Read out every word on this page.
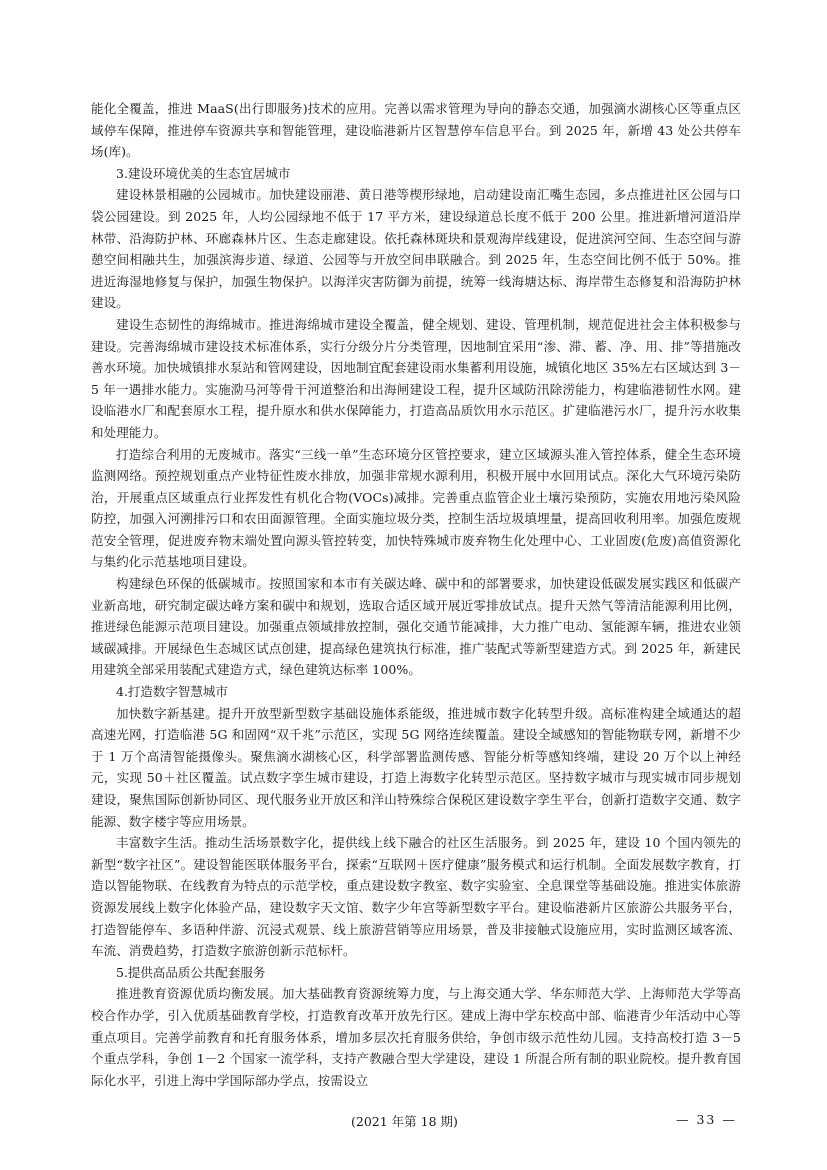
能化全覆盖，推进 MaaS(出行即服务)技术的应用。完善以需求管理为导向的静态交通，加强滴水湖核心区等重点区域停车保障，推进停车资源共享和智能管理，建设临港新片区智慧停车信息平台。到 2025 年，新增 43 处公共停车场(库)。

3.建设环境优美的生态宜居城市

建设林景相融的公园城市。加快建设丽港、黄日港等楔形绿地，启动建设南汇嘴生态园，多点推进社区公园与口袋公园建设。到 2025 年，人均公园绿地不低于 17 平方米，建设绿道总长度不低于 200 公里。推进新增河道沿岸林带、沿海防护林、环廊森林片区、生态走廊建设。依托森林斑块和景观海岸线建设，促进滨河空间、生态空间与游憩空间相融共生，加强滨海步道、绿道、公园等与开放空间串联融合。到 2025 年，生态空间比例不低于 50%。推进近海湿地修复与保护，加强生物保护。以海洋灾害防御为前提，统筹一线海塘达标、海岸带生态修复和沿海防护林建设。

建设生态韧性的海绵城市。推进海绵城市建设全覆盖，健全规划、建设、管理机制，规范促进社会主体积极参与建设。完善海绵城市建设技术标准体系，实行分级分片分类管理，因地制宜采用“渗、滞、蓄、净、用、排”等措施改善水环境。加快城镇排水泵站和管网建设，因地制宜配套建设雨水集蓄利用设施，城镇化地区 35%左右区域达到 3－5 年一遇排水能力。实施泐马河等骨干河道整治和出海闸建设工程，提升区域防汛除涝能力，构建临港韧性水网。建设临港水厂和配套原水工程，提升原水和供水保障能力，打造高品质饮用水示范区。扩建临港污水厂，提升污水收集和处理能力。

打造综合利用的无废城市。落实“三线一单”生态环境分区管控要求，建立区域源头准入管控体系，健全生态环境监测网络。预控规划重点产业特征性废水排放，加强非常规水源利用，积极开展中水回用试点。深化大气环境污染防治，开展重点区域重点行业挥发性有机化合物(VOCs)减排。完善重点监管企业土壤污染预防，实施农用地污染风险防控，加强入河溯排污口和农田面源管理。全面实施垃圾分类，控制生活垃圾填埋量，提高回收利用率。加强危废规范安全管理，促进废弃物末端处置向源头管控转变，加快特殊城市废弃物生化处理中心、工业固废(危废)高值资源化与集约化示范基地项目建设。

构建绿色环保的低碳城市。按照国家和本市有关碳达峰、碳中和的部署要求，加快建设低碳发展实践区和低碳产业新高地，研究制定碳达峰方案和碳中和规划，选取合适区域开展近零排放试点。提升天然气等清洁能源利用比例，推进绿色能源示范项目建设。加强重点领域排放控制，强化交通节能减排，大力推广电动、氢能源车辆，推进农业领域碳减排。开展绿色生态城区试点创建，提高绿色建筑执行标准，推广装配式等新型建造方式。到 2025 年，新建民用建筑全部采用装配式建造方式，绿色建筑达标率 100%。

4.打造数字智慧城市

加快数字新基建。提升开放型新型数字基础设施体系能级，推进城市数字化转型升级。高标准构建全域通达的超高速光网，打造临港 5G 和固网“双千兆”示范区，实现 5G 网络连续覆盖。建设全域感知的智能物联专网，新增不少于 1 万个高清智能摄像头。聚焦滴水湖核心区，科学部署监测传感、智能分析等感知终端，建设 20 万个以上神经元，实现 50＋社区覆盖。试点数字孪生城市建设，打造上海数字化转型示范区。坚持数字城市与现实城市同步规划建设，聚焦国际创新协同区、现代服务业开放区和洋山特殊综合保税区建设数字孪生平台，创新打造数字交通、数字能源、数字楼宇等应用场景。

丰富数字生活。推动生活场景数字化，提供线上线下融合的社区生活服务。到 2025 年，建设 10 个国内领先的新型“数字社区”。建设智能医联体服务平台，探索“互联网＋医疗健康”服务模式和运行机制。全面发展数字教育，打造以智能物联、在线教育为特点的示范学校，重点建设数字教室、数字实验室、全息课堂等基础设施。推进实体旅游资源发展线上数字化体验产品，建设数字天文馆、数字少年宫等新型数字平台。建设临港新片区旅游公共服务平台，打造智能停车、多语种伴游、沉浸式观景、线上旅游营销等应用场景，普及非接触式设施应用，实时监测区域客流、车流、消费趋势，打造数字旅游创新示范标杆。

5.提供高品质公共配套服务

推进教育资源优质均衡发展。加大基础教育资源统筹力度，与上海交通大学、华东师范大学、上海师范大学等高校合作办学，引入优质基础教育学校，打造教育改革开放先行区。建成上海中学东校高中部、临港青少年活动中心等重点项目。完善学前教育和托育服务体系，增加多层次托育服务供给，争创市级示范性幼儿园。支持高校打造 3－5 个重点学科，争创 1－2 个国家一流学科，支持产教融合型大学建设，建设 1 所混合所有制的职业院校。提升教育国际化水平，引进上海中学国际部办学点，按需设立

(2021 年第 18 期)	— 33 —
